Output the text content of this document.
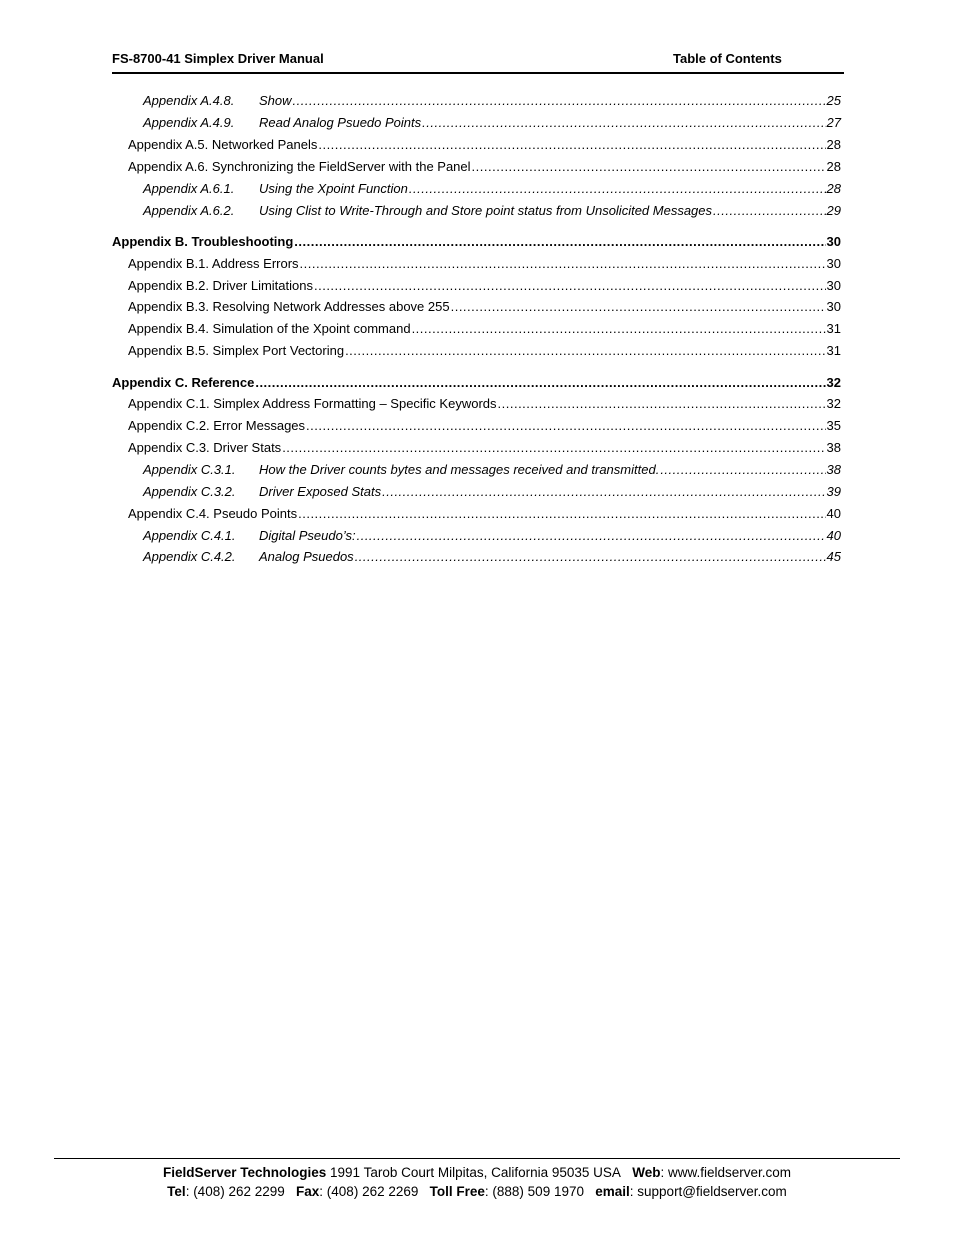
FS-8700-41 Simplex Driver Manual	Table of Contents
Appendix A.4.8. Show .....	25
Appendix A.4.9. Read Analog Psuedo Points .....	27
Appendix A.5. Networked Panels .....	28
Appendix A.6. Synchronizing the FieldServer with the Panel .....	28
Appendix A.6.1. Using the Xpoint Function .....	28
Appendix A.6.2. Using Clist to Write-Through and Store point status from Unsolicited Messages .....	29
Appendix B. Troubleshooting .....	30
Appendix B.1. Address Errors .....	30
Appendix B.2. Driver Limitations .....	30
Appendix B.3. Resolving Network Addresses above 255 .....	30
Appendix B.4. Simulation of the Xpoint command .....	31
Appendix B.5. Simplex Port Vectoring .....	31
Appendix C. Reference .....	32
Appendix C.1. Simplex Address Formatting – Specific Keywords .....	32
Appendix C.2. Error Messages .....	35
Appendix C.3. Driver Stats .....	38
Appendix C.3.1. How the Driver counts bytes and messages received and transmitted. .....	38
Appendix C.3.2. Driver Exposed Stats .....	39
Appendix C.4. Pseudo Points .....	40
Appendix C.4.1. Digital Pseudo’s: .....	40
Appendix C.4.2. Analog Psuedos .....	45
FieldServer Technologies 1991 Tarob Court Milpitas, California 95035 USA Web: www.fieldserver.com
Tel: (408) 262 2299 Fax: (408) 262 2269 Toll Free: (888) 509 1970 email: support@fieldserver.com
